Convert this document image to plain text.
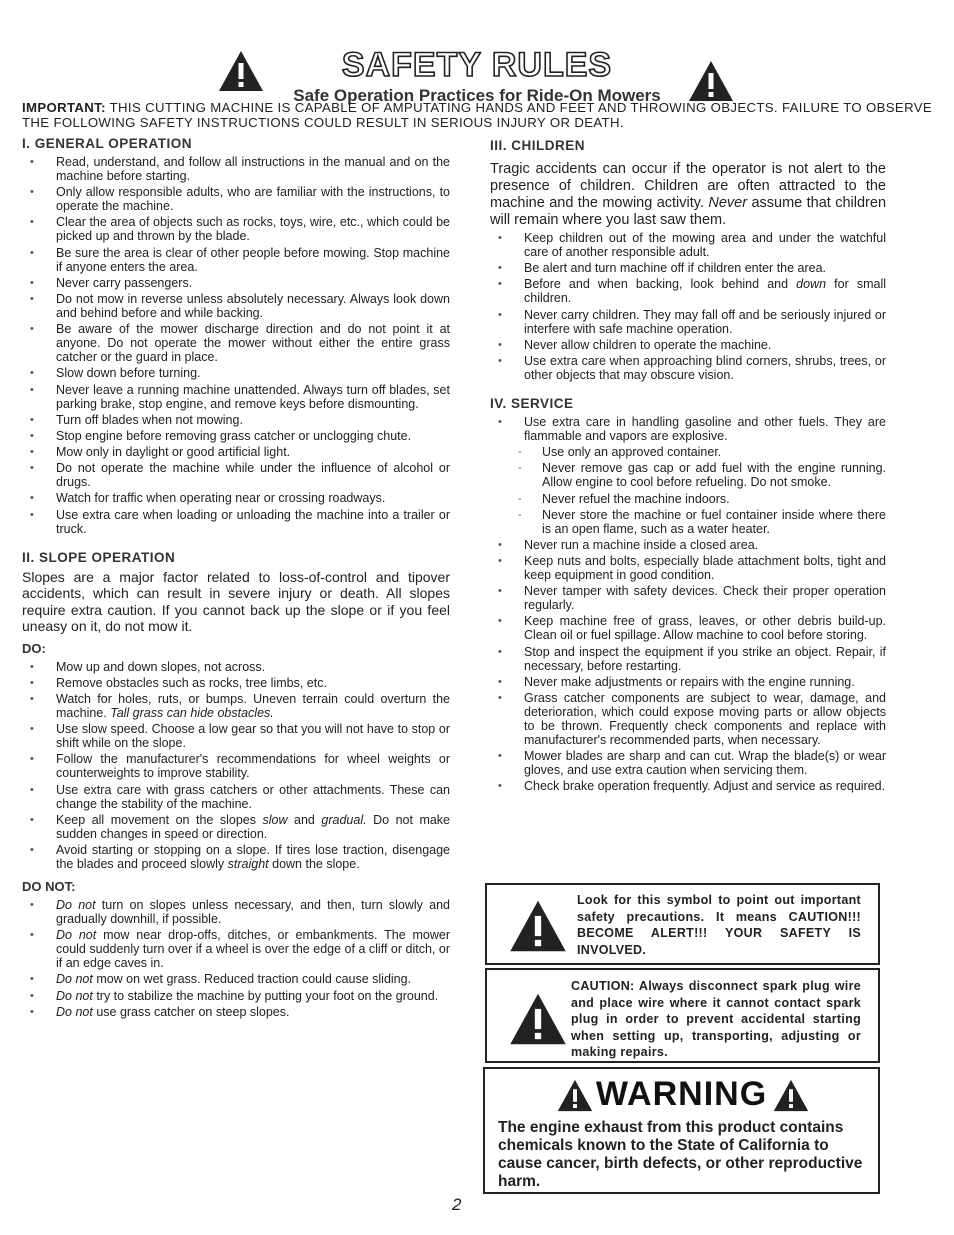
SAFETY RULES
Safe Operation Practices for Ride-On Mowers
IMPORTANT: THIS CUTTING MACHINE IS CAPABLE OF AMPUTATING HANDS AND FEET AND THROWING OBJECTS. FAILURE TO OBSERVE THE FOLLOWING SAFETY INSTRUCTIONS COULD RESULT IN SERIOUS INJURY OR DEATH.
I. GENERAL OPERATION
• Read, understand, and follow all instructions in the manual and on the machine before starting.
• Only allow responsible adults, who are familiar with the instructions, to operate the machine.
• Clear the area of objects such as rocks, toys, wire, etc., which could be picked up and thrown by the blade.
• Be sure the area is clear of other people before mowing. Stop machine if anyone enters the area.
• Never carry passengers.
• Do not mow in reverse unless absolutely necessary. Always look down and behind before and while backing.
• Be aware of the mower discharge direction and do not point it at anyone. Do not operate the mower without either the entire grass catcher or the guard in place.
• Slow down before turning.
• Never leave a running machine unattended. Always turn off blades, set parking brake, stop engine, and remove keys before dismounting.
• Turn off blades when not mowing.
• Stop engine before removing grass catcher or unclogging chute.
• Mow only in daylight or good artificial light.
• Do not operate the machine while under the influence of alcohol or drugs.
• Watch for traffic when operating near or crossing roadways.
• Use extra care when loading or unloading the machine into a trailer or truck.
II. SLOPE OPERATION
Slopes are a major factor related to loss-of-control and tipover accidents, which can result in severe injury or death. All slopes require extra caution. If you cannot back up the slope or if you feel uneasy on it, do not mow it.
DO:
• Mow up and down slopes, not across.
• Remove obstacles such as rocks, tree limbs, etc.
• Watch for holes, ruts, or bumps. Uneven terrain could overturn the machine. Tall grass can hide obstacles.
• Use slow speed. Choose a low gear so that you will not have to stop or shift while on the slope.
• Follow the manufacturer's recommendations for wheel weights or counterweights to improve stability.
• Use extra care with grass catchers or other attachments. These can change the stability of the machine.
• Keep all movement on the slopes slow and gradual. Do not make sudden changes in speed or direction.
• Avoid starting or stopping on a slope. If tires lose traction, disengage the blades and proceed slowly straight down the slope.
DO NOT:
• Do not turn on slopes unless necessary, and then, turn slowly and gradually downhill, if possible.
• Do not mow near drop-offs, ditches, or embankments. The mower could suddenly turn over if a wheel is over the edge of a cliff or ditch, or if an edge caves in.
• Do not mow on wet grass. Reduced traction could cause sliding.
• Do not try to stabilize the machine by putting your foot on the ground.
• Do not use grass catcher on steep slopes.
III. CHILDREN
Tragic accidents can occur if the operator is not alert to the presence of children. Children are often attracted to the machine and the mowing activity. Never assume that children will remain where you last saw them.
• Keep children out of the mowing area and under the watchful care of another responsible adult.
• Be alert and turn machine off if children enter the area.
• Before and when backing, look behind and down for small children.
• Never carry children. They may fall off and be seriously injured or interfere with safe machine operation.
• Never allow children to operate the machine.
• Use extra care when approaching blind corners, shrubs, trees, or other objects that may obscure vision.
IV. SERVICE
• Use extra care in handling gasoline and other fuels. They are flammable and vapors are explosive.
- Use only an approved container.
- Never remove gas cap or add fuel with the engine running. Allow engine to cool before refueling. Do not smoke.
- Never refuel the machine indoors.
- Never store the machine or fuel container inside where there is an open flame, such as a water heater.
• Never run a machine inside a closed area.
• Keep nuts and bolts, especially blade attachment bolts, tight and keep equipment in good condition.
• Never tamper with safety devices. Check their proper operation regularly.
• Keep machine free of grass, leaves, or other debris build-up. Clean oil or fuel spillage. Allow machine to cool before storing.
• Stop and inspect the equipment if you strike an object. Repair, if necessary, before restarting.
• Never make adjustments or repairs with the engine running.
• Grass catcher components are subject to wear, damage, and deterioration, which could expose moving parts or allow objects to be thrown. Frequently check components and replace with manufacturer's recommended parts, when necessary.
• Mower blades are sharp and can cut. Wrap the blade(s) or wear gloves, and use extra caution when servicing them.
• Check brake operation frequently. Adjust and service as required.
Look for this symbol to point out important safety precautions. It means CAUTION!!! BECOME ALERT!!! YOUR SAFETY IS INVOLVED.
CAUTION: Always disconnect spark plug wire and place wire where it cannot contact spark plug in order to prevent accidental starting when setting up, transporting, adjusting or making repairs.
WARNING
The engine exhaust from this product contains chemicals known to the State of California to cause cancer, birth defects, or other reproductive harm.
2
